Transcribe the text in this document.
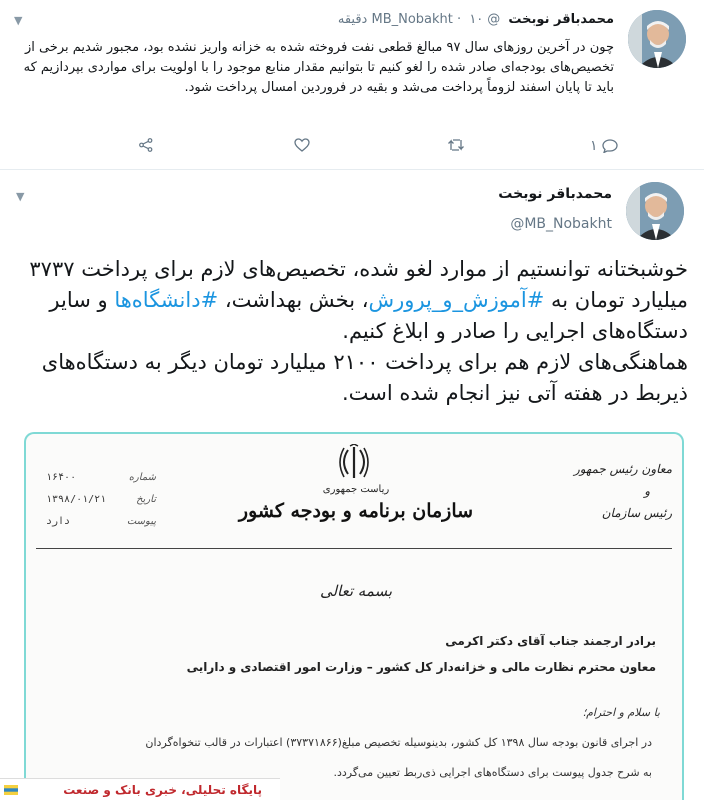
محمدباقر نوبخت @MB_Nobakht · ۱۰ دقیقه
▼
چون در آخرین روزهای سال ۹۷ مبالغ قطعی نفت فروخته شده به خزانه واریز نشده بود، مجبور شدیم برخی از تخصیص‌های بودجه‌ای صادر شده را لغو کنیم تا بتوانیم مقدار منابع موجود را با اولویت برای مواردی بپردازیم که باید تا پایان اسفند لزوماً پرداخت می‌شد و بقیه در فروردین امسال پرداخت شود.
۱
محمدباقر نوبخت
@MB_Nobakht
▼
خوشبختانه توانستیم از موارد لغو شده، تخصیص‌های لازم برای پرداخت ۳۷۳۷ میلیارد تومان به #آموزش_و_پرورش، بخش بهداشت، #دانشگاه‌ها و سایر دستگاه‌های اجرایی را صادر و ابلاغ کنیم.
هماهنگی‌های لازم هم برای پرداخت ۲۱۰۰ میلیارد تومان دیگر به دستگاه‌های ذیربط در هفته آتی نیز انجام شده است.
ریاست جمهوری
سازمان برنامه و بودجه کشور
معاون رئیس جمهور

و
رئیس سازمان
شماره
۱۶۴۰۰
تاریخ
۱۳۹۸/۰۱/۲۱
پیوست
دارد
بسمه تعالی
برادر ارجمند جناب آقای دکتر اکرمی
معاون محترم نظارت مالی و خزانه‌دار کل کشور – وزارت امور اقتصادی و دارایی
با سلام و احترام؛
در اجرای قانون بودجه سال ۱۳۹۸ کل کشور، بدینوسیله تخصیص مبلغ(۳۷۳۷۱۸۶۶) اعتبارات در قالب تنخواه‌گردان
به شرح جدول پیوست برای دستگاه‌های اجرایی ذی‌ربط تعیین می‌گردد.
پایگاه تحلیلی، خبری بانک و صنعت
